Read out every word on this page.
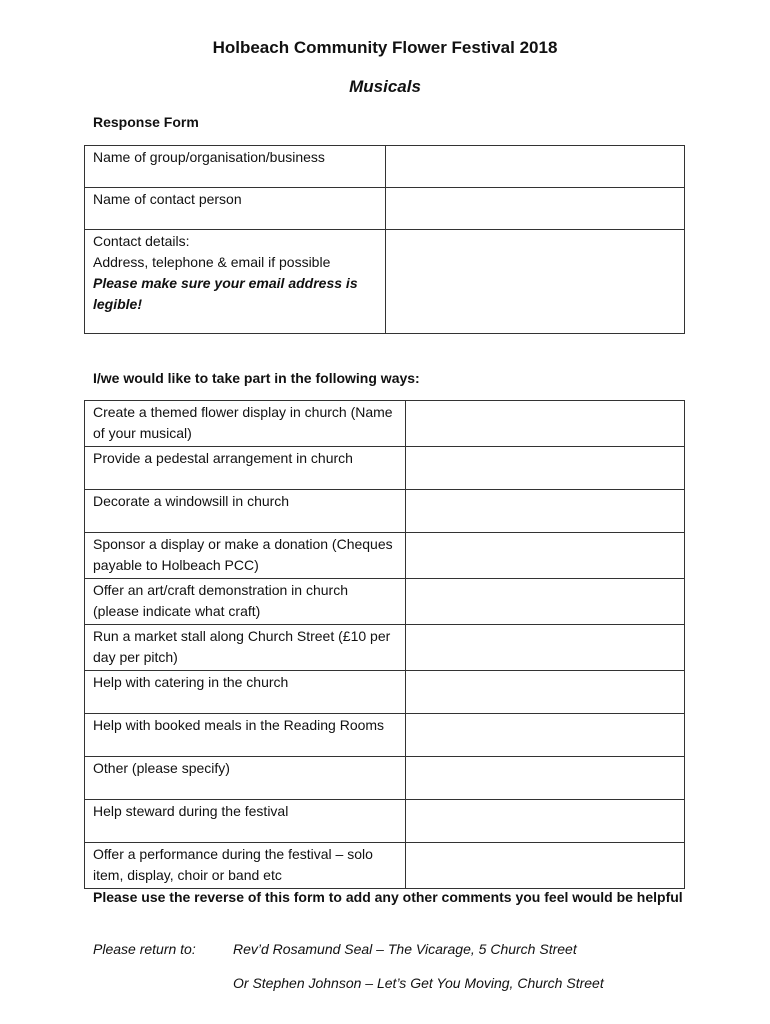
Holbeach Community Flower Festival 2018
Musicals
Response Form
Name of group/organisation/business	
Name of contact person	

Contact details:
Address, telephone & email if possible
Please make sure your email address is legible!	

I/we would like to take part in the following ways:
Create a themed flower display in church (Name of your musical)	
Provide a pedestal arrangement in church	
Decorate a windowsill in church	
Sponsor a display or make a donation (Cheques payable to Holbeach PCC)	
Offer an art/craft demonstration in church (please indicate what craft)	
Run a market stall along Church Street (£10 per day per pitch)	
Help with catering in the church	
Help with booked meals in the Reading Rooms	
Other (please specify)	
Help steward during the festival	
Offer a performance during the festival – solo item, display, choir or band etc	
Please use the reverse of this form to add any other comments you feel would be helpful
Please return to:	Rev’d Rosamund Seal – The Vicarage, 5 Church Street
Or Stephen Johnson – Let’s Get You Moving, Church Street
